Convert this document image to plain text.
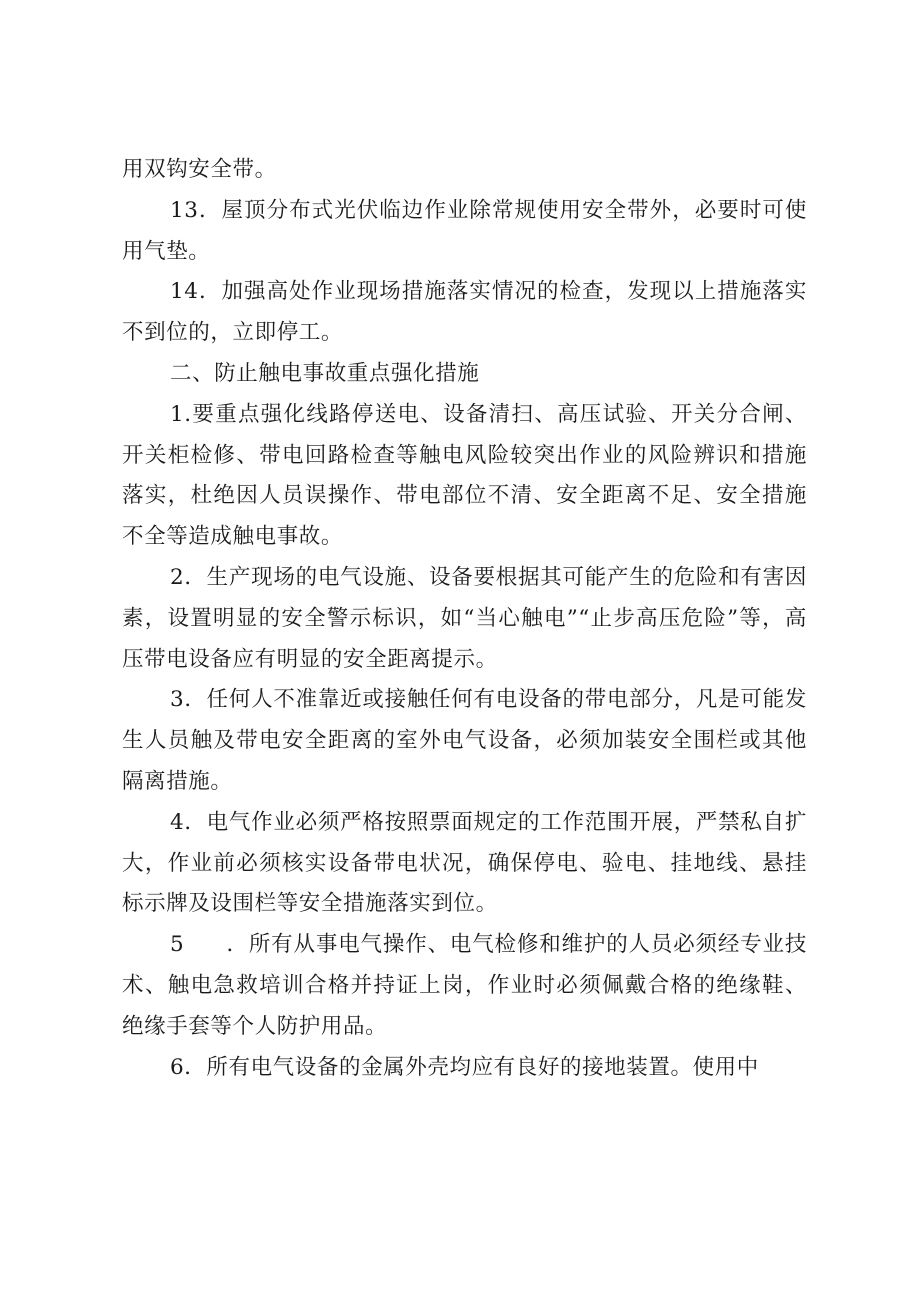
用双钩安全带。

13．屋顶分布式光伏临边作业除常规使用安全带外，必要时可使用气垫。

14．加强高处作业现场措施落实情况的检查，发现以上措施落实不到位的，立即停工。

二、防止触电事故重点强化措施

1.要重点强化线路停送电、设备清扫、高压试验、开关分合闸、开关柜检修、带电回路检查等触电风险较突出作业的风险辨识和措施落实，杜绝因人员误操作、带电部位不清、安全距离不足、安全措施不全等造成触电事故。

2．生产现场的电气设施、设备要根据其可能产生的危险和有害因素，设置明显的安全警示标识，如“当心触电”“止步高压危险”等，高压带电设备应有明显的安全距离提示。

3．任何人不准靠近或接触任何有电设备的带电部分，凡是可能发生人员触及带电安全距离的室外电气设备，必须加装安全围栏或其他隔离措施。

4．电气作业必须严格按照票面规定的工作范围开展，严禁私自扩大，作业前必须核实设备带电状况，确保停电、验电、挂地线、悬挂标示牌及设围栏等安全措施落实到位。

5 ．所有从事电气操作、电气检修和维护的人员必须经专业技术、触电急救培训合格并持证上岗，作业时必须佩戴合格的绝缘鞋、绝缘手套等个人防护用品。

6．所有电气设备的金属外壳均应有良好的接地装置。使用中
